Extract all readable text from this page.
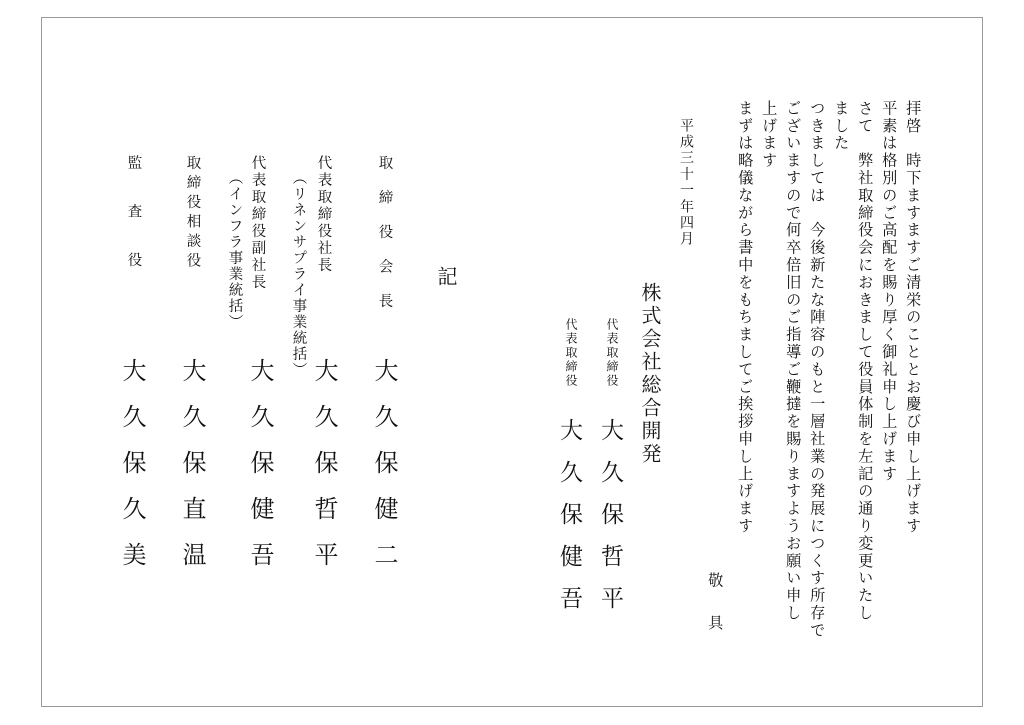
拝啓　時下ますますご清栄のこととお慶び申し上げます
平素は格別のご高配を賜り厚く御礼申し上げます
さて　弊社取締役会におきまして役員体制を左記の通り変更いたし
ました
つきましては　今後新たな陣容のもと一層社業の発展につくす所存で
ございますので何卒倍旧のご指導ご鞭撻を賜りますようお願い申し
上げます
まずは略儀ながら書中をもちましてご挨拶申し上げます
敬　具
平成三十一年四月
株式会社総合開発
代表取締役
大久保哲平
代表取締役
大久保健吾
記
取締役会長
大久保健二
代表取締役社長
（リネンサプライ事業統括）
大久保哲平
代表取締役副社長
（インフラ事業統括）
大久保健吾
取締役相談役
大久保直温
監査役
大久保久美
